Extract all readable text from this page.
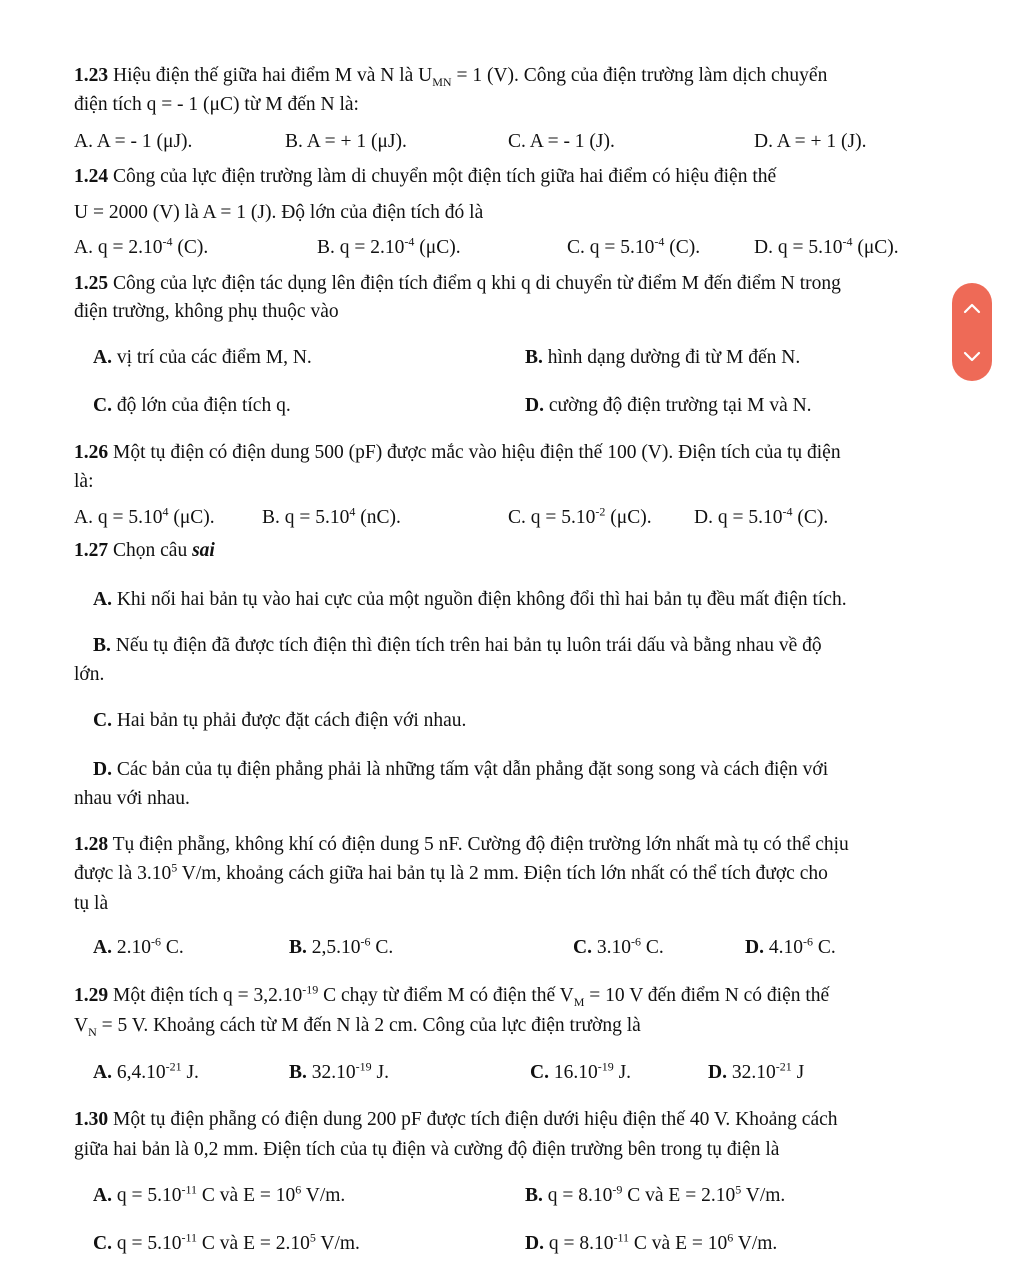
1.23 Hiệu điện thế giữa hai điểm M và N là $U_{MN} = 1$ (V). Công của điện trường làm dịch chuyển
điện tích q = - 1 (μC) từ M đến N là:
A. A = - 1 (μJ).	B. A = + 1 (μJ).	C. A = - 1 (J).	D. A = + 1 (J).
1.24 Công của lực điện trường làm di chuyển một điện tích giữa hai điểm có hiệu điện thế
U = 2000 (V) là A = 1 (J). Độ lớn của điện tích đó là
A. $q = 2.10^{-4}$ (C).	B. $q = 2.10^{-4}$ (μC).	C. $q = 5.10^{-4}$ (C).	D. $q = 5.10^{-4}$ (μC).
1.25 Công của lực điện tác dụng lên điện tích điểm q khi q di chuyển từ điểm M đến điểm N trong
điện trường, không phụ thuộc vào
A. vị trí của các điểm M, N.	B. hình dạng dường đi từ M đến N.
C. độ lớn của điện tích q.	D. cường độ điện trường tại M và N.
1.26 Một tụ điện có điện dung 500 (pF) được mắc vào hiệu điện thế 100 (V). Điện tích của tụ điện
là:
A. $q = 5.10^4$ (μC). B. $q = 5.10^4$ (nC).	C. $q = 5.10^{-2}$ (μC). D. $q = 5.10^{-4}$ (C).
1.27 Chọn câu sai
A. Khi nối hai bản tụ vào hai cực của một nguồn điện không đổi thì hai bản tụ đều mất điện tích.
B. Nếu tụ điện đã được tích điện thì điện tích trên hai bản tụ luôn trái dấu và bằng nhau về độ
lớn.
C. Hai bản tụ phải được đặt cách điện với nhau.
D. Các bản của tụ điện phẳng phải là những tấm vật dẫn phẳng đặt song song và cách điện với
nhau với nhau.
1.28 Tụ điện phẵng, không khí có điện dung 5 nF. Cường độ điện trường lớn nhất mà tụ có thể chịu
được là 3.10$^5$ V/m, khoảng cách giữa hai bản tụ là 2 mm. Điện tích lớn nhất có thể tích được cho
tụ là
A. $2.10^{-6}$ C.	B. $2,5.10^{-6}$ C.	C. $3.10^{-6}$ C.	D. $4.10^{-6}$ C.
1.29 Một điện tích $q = 3,2.10^{-19}$ C chạy từ điểm M có điện thế $V_M = 10$ V đến điểm N có điện thế
$V_N = 5$ V. Khoảng cách từ M đến N là 2 cm. Công của lực điện trường là
A. $6,4.10^{-21}$ J.	B. $32.10^{-19}$ J.	C. $16.10^{-19}$ J.	D. $32.10^{-21}$ J
1.30 Một tụ điện phẵng có điện dung 200 pF được tích điện dưới hiệu điện thế 40 V. Khoảng cách
giữa hai bản là 0,2 mm. Điện tích của tụ điện và cường độ điện trường bên trong tụ điện là
A. $q = 5.10^{-11}$ C và $E = 10^6$ V/m.	B. $q = 8.10^{-9}$ C và $E = 2.10^5$ V/m.
C. $q = 5.10^{-11}$ C và $E = 2.10^5$ V/m.	D. $q = 8.10^{-11}$ C và $E = 10^6$ V/m.
